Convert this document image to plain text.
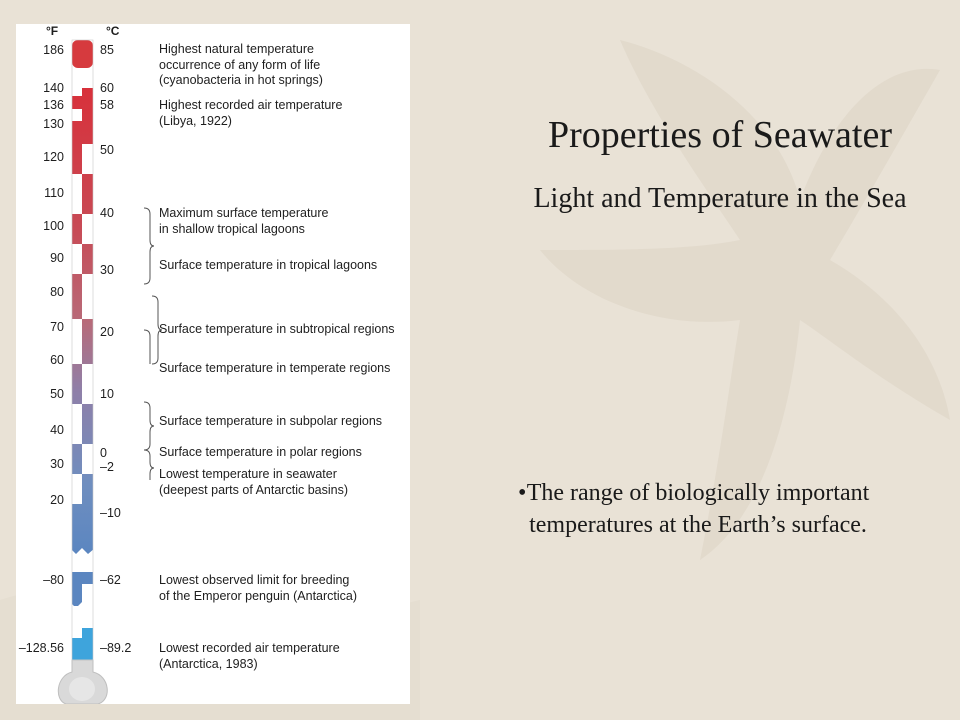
°F	°C
186
140
136
130
120
110
100
90
80
70
60
50
40
30
20
–80
–128.56
85
60
58
50
40
30
20
10
0
–2
–10
–62
–89.2
Highest natural temperature
occurrence of any form of life
(cyanobacteria in hot springs)
Highest recorded air temperature
(Libya, 1922)
Maximum surface temperature
in shallow tropical lagoons
Surface temperature in tropical lagoons
Surface temperature in subtropical regions
Surface temperature in temperate regions
Surface temperature in subpolar regions
Surface temperature in polar regions
Lowest temperature in seawater
(deepest parts of Antarctic basins)
Lowest observed limit for breeding
of the Emperor penguin (Antarctica)
Lowest recorded air temperature
(Antarctica, 1983)
Properties of Seawater
Light and Temperature in the Sea
• The range of biologically important temperatures at the Earth’s surface.
